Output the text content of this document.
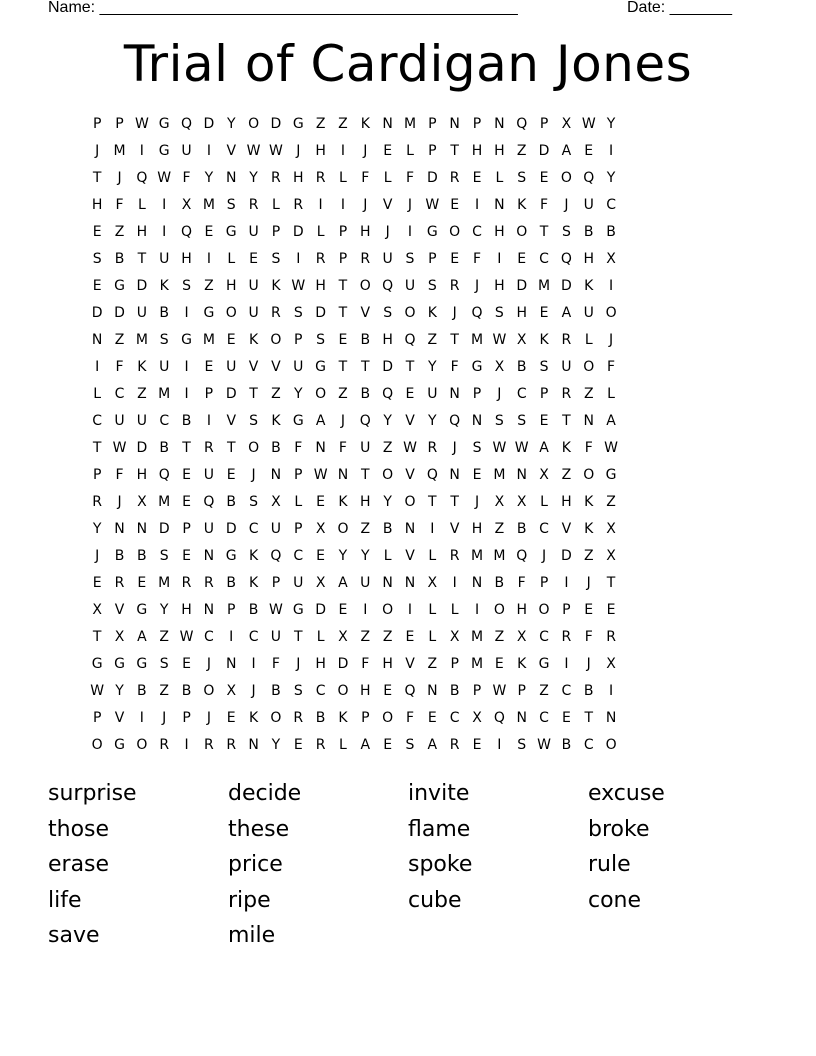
Name: _______________________________________________	Date: _______
Trial of Cardigan Jones
P P W G Q D Y O D G Z Z K N M P N P N Q P X W Y
J	M	I	G U	I	V W W J	H	I	J	E	L	P T H H Z D A E	I
T	J	Q W F	Y N Y R H R L	F	L	F D R E	L S E O Q Y
H F	L	I	X M S R L R	I	I	J	V	J W E	I	N K F	J	U C
E Z H	I	Q E G U P D L	P H	J	I	G O C H O T S B B
S B T U H	I	L	E S	I	R P R U S P E F	I	E C Q H X
E G D K S Z H U K W H T O Q U S R	J	H D M D K	I
D D U B	I	G O U R S D T V S O K	J	Q S H E A U O
N Z M S G M E K O P S E B H Q Z T M W X K R L	J
I	F K U	I	E U V V U G T T D T Y	F G X B S U O F
L C Z M	I	P D T Z Y O Z B Q E U N P	J	C P R Z L
C U U C B	I	V S K G A	J	Q Y V Y Q N S S E T N A
T W D B T R T O B F N F U Z W R	J	S W W A K F W
P	F H Q E U E	J	N P W N T O V Q N E M N X Z O G
R	J	X M E Q B S X L	E K H Y O T T	J	X X L H K Z
Y N N D P U D C U P X O Z B N	I	V H Z B C V K X
J	B B S E N G K Q C E Y Y	L V L R M M Q	J	D Z X
E R E M R R B K P U X A U N N X	I	N B F	P	I	J	T
X V G Y H N P B W G D E	I	O	I	L	L	I	O H O P E E
T X A Z W C	I	C U T	L X Z Z E	L X M Z X C R F R
G G G S E	J	N	I	F	J	H D F H V Z P M E K G	I	J	X
W Y B Z B O X	J	B S C O H E Q N B P W P Z C B	I
P V	I	J	P	J	E K O R B K P O F E C X Q N C E T N
O G O R	I	R R N Y E R L A E S A R E	I	S W B C O
surprise	decide	invite	excuse
those	these	flame	broke
erase	price	spoke	rule
life	ripe	cube	cone
save	mile
